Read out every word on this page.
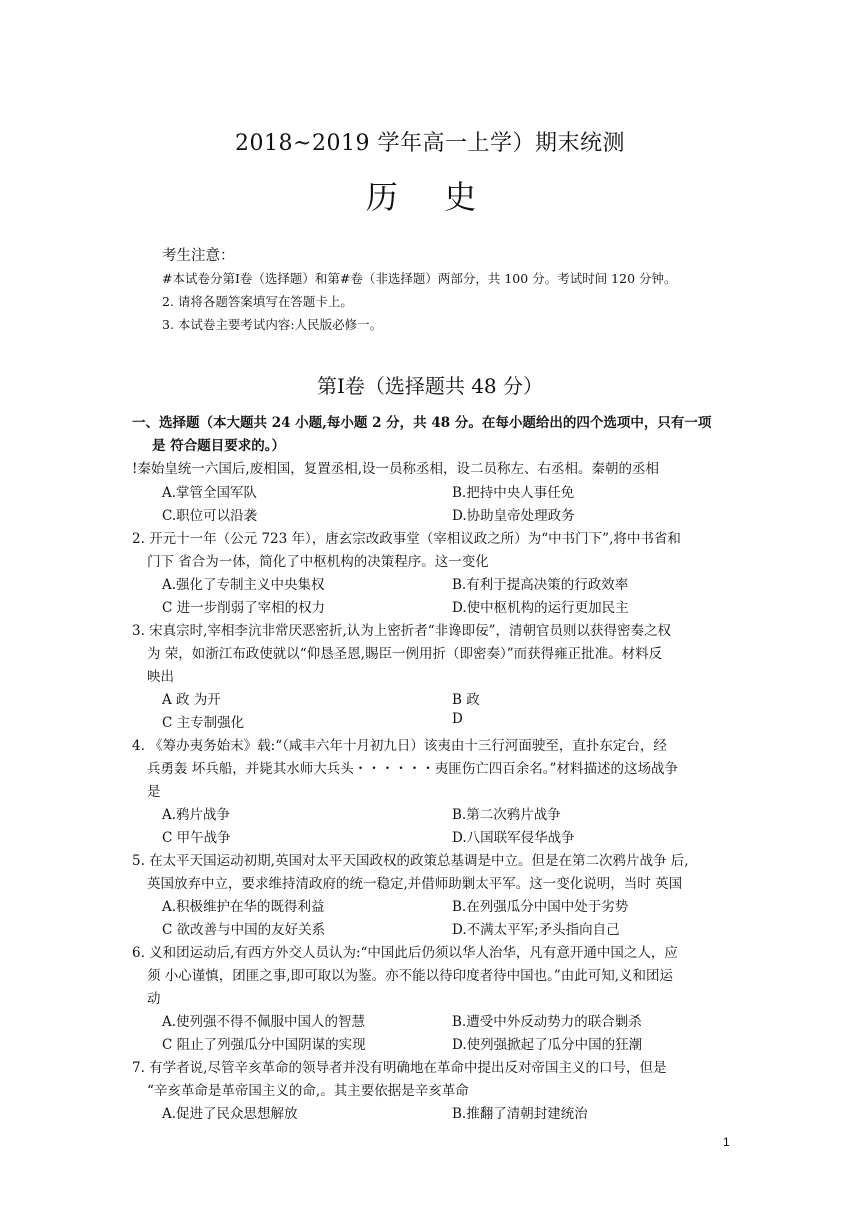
2018~2019 学年高一上学）期末统测
历 史
考生注意：
#本试卷分第Ⅰ卷（选择题）和第#卷（非选择题）两部分，共 100 分。考试时间 120 分钟。
2. 请将各题答案填写在答题卡上。
3. 本试卷主要考试内容:人民版必修一。
第Ⅰ卷（选择题共 48 分）
一、选择题（本大题共 24 小题,每小题 2 分，共 48 分。在每小题给出的四个选项中，只有一项
是 符合题目要求的。）
!秦始皇统一六国后,废相国，复置丞相,设一员称丞相，设二员称左、右丞相。秦朝的丞相
A.掌管全国军队	B.把持中央人事任免
C.职位可以沿袭	D.协助皇帝处理政务
2. 开元十一年（公元 723 年），唐玄宗改政事堂（宰相议政之所）为“中书门下”,将中书省和
门下 省合为一体，简化了中枢机构的决策程序。这一变化
A.强化了专制主义中央集权	B.有利于提高决策的行政效率
C 进一步削弱了宰相的权力	D.使中枢机构的运行更加民主
3. 宋真宗时,宰相李沆非常厌恶密折,认为上密折者“非谗即佞”，清朝官员则以获得密奏之权
为 荣，如浙江布政使就以“仰恳圣恩,賜臣一例用折（即密奏）”而获得雍正批准。材料反
映出
A 政 为开	B 政
C 主专制强化	D
4. 《筹办夷务始末》载:“（咸丰六年十月初九日）该夷由十三行河面驶至，直扑东定台，经
兵勇轰 坏兵船，并毙其水师大兵头・・・・・・夷匪伤亡四百余名。”材料描述的这场战争
是
A.鸦片战争	B.第二次鸦片战争
C 甲午战争	D.八国联军侵华战争
5. 在太平天国运动初期,英国对太平天国政权的政策总基调是中立。但是在第二次鸦片战争 后,
英国放弃中立，要求维持清政府的统一稳定,并借师助剿太平军。这一变化说明，当时 英国
A.积极维护在华的既得利益	B.在列强瓜分中国中处于劣势
C 欲改善与中国的友好关系	D.不满太平军;矛头指向自己
6. 义和团运动后,有西方外交人员认为:“中国此后仍须以华人治华，凡有意开通中国之人，应
须 小心谨慎，团匪之事,即可取以为鉴。亦不能以待印度者待中国也。”由此可知,义和团运
动
A.使列强不得不佩服中国人的智慧	B.遭受中外反动势力的联合剿杀
C 阻止了列强瓜分中国阴谋的实现	D.使列强掀起了瓜分中国的狂潮
7. 有学者说,尽管辛亥革命的领导者并没有明确地在革命中提出反对帝国主义的口号，但是
“辛亥革命是革帝国主义的命,。其主要依据是辛亥革命
A.促进了民众思想解放	B.推翻了清朝封建统治
1
